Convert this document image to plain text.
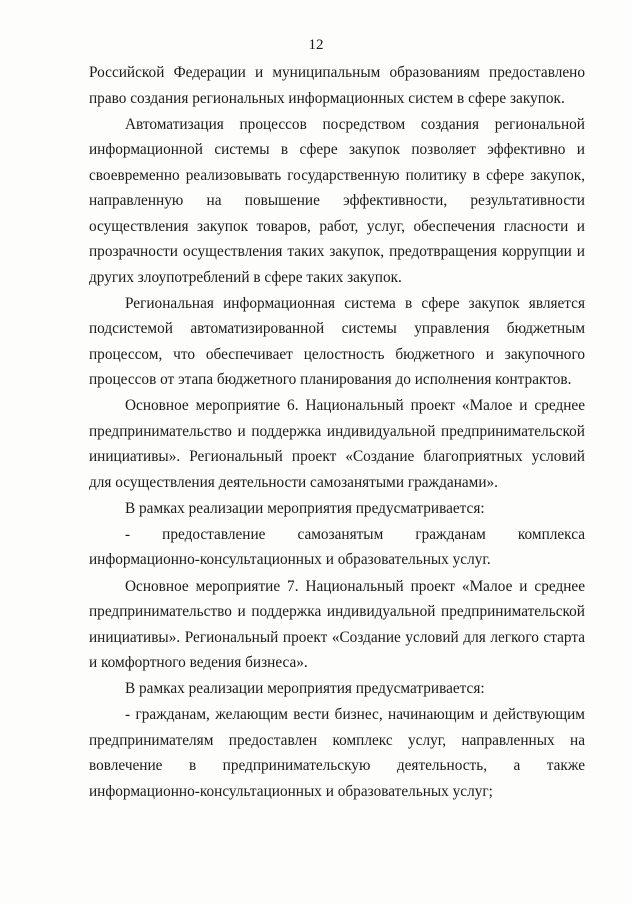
12

Российской Федерации и муниципальным образованиям предоставлено право создания региональных информационных систем в сфере закупок.

Автоматизация процессов посредством создания региональной информационной системы в сфере закупок позволяет эффективно и своевременно реализовывать государственную политику в сфере закупок, направленную на повышение эффективности, результативности осуществления закупок товаров, работ, услуг, обеспечения гласности и прозрачности осуществления таких закупок, предотвращения коррупции и других злоупотреблений в сфере таких закупок.

Региональная информационная система в сфере закупок является подсистемой автоматизированной системы управления бюджетным процессом, что обеспечивает целостность бюджетного и закупочного процессов от этапа бюджетного планирования до исполнения контрактов.

Основное мероприятие 6. Национальный проект «Малое и среднее предпринимательство и поддержка индивидуальной предпринимательской инициативы». Региональный проект «Создание благоприятных условий для осуществления деятельности самозанятыми гражданами».

В рамках реализации мероприятия предусматривается:

- предоставление самозанятым гражданам комплекса информационно-консультационных и образовательных услуг.

Основное мероприятие 7. Национальный проект «Малое и среднее предпринимательство и поддержка индивидуальной предпринимательской инициативы». Региональный проект «Создание условий для легкого старта и комфортного ведения бизнеса».

В рамках реализации мероприятия предусматривается:

- гражданам, желающим вести бизнес, начинающим и действующим предпринимателям предоставлен комплекс услуг, направленных на вовлечение в предпринимательскую деятельность, а также информационно-консультационных и образовательных услуг;
